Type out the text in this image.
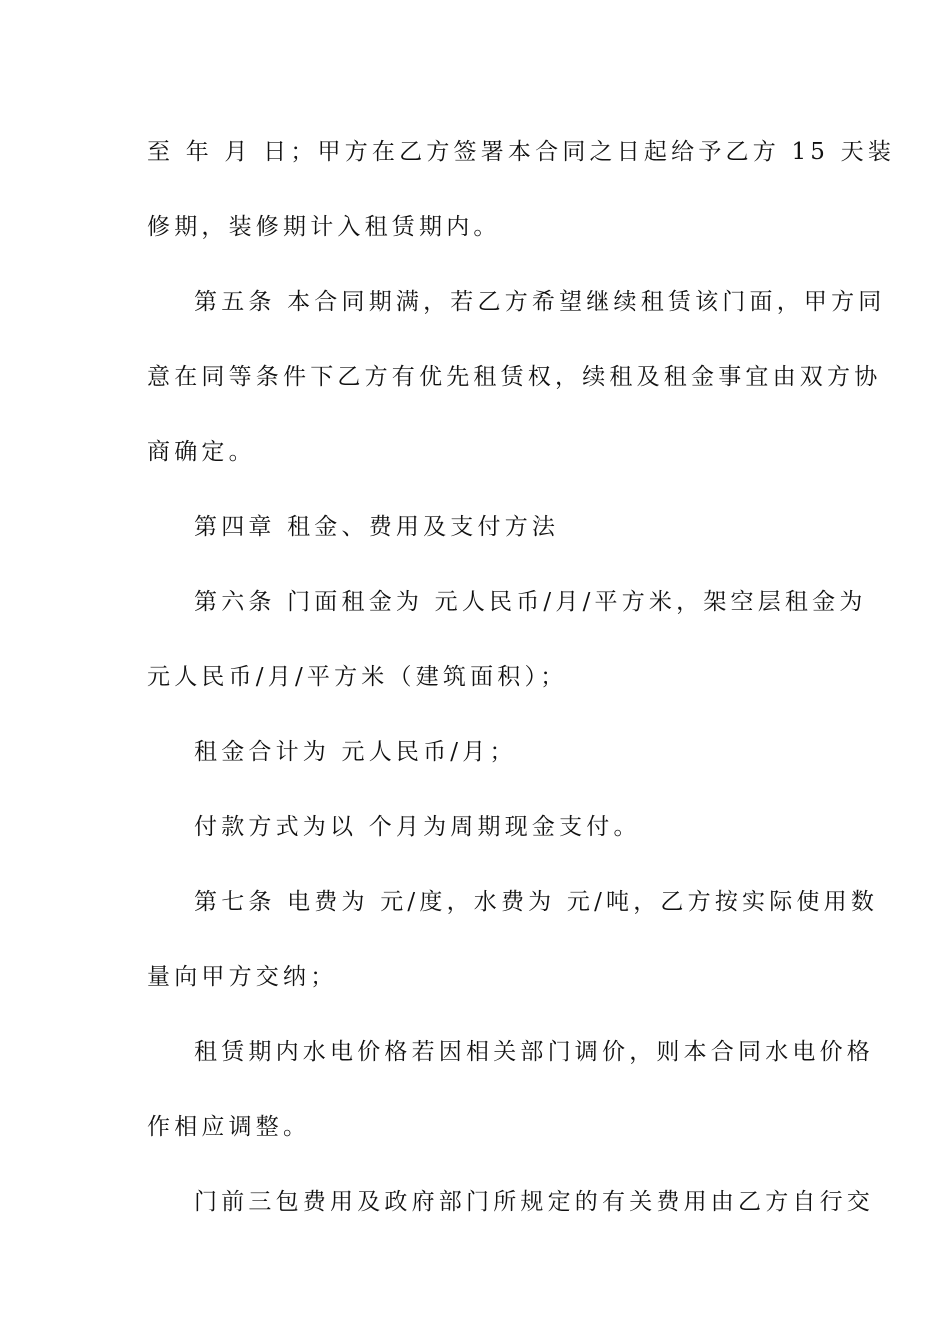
至 年 月 日；甲方在乙方签署本合同之日起给予乙方 15 天装
修期，装修期计入租赁期内。
第五条 本合同期满，若乙方希望继续租赁该门面，甲方同
意在同等条件下乙方有优先租赁权，续租及租金事宜由双方协
商确定。
第四章 租金、费用及支付方法
第六条 门面租金为 元人民币/月/平方米，架空层租金为
元人民币/月/平方米（建筑面积）；
租金合计为 元人民币/月；
付款方式为以 个月为周期现金支付。
第七条 电费为 元/度，水费为 元/吨，乙方按实际使用数
量向甲方交纳；
租赁期内水电价格若因相关部门调价，则本合同水电价格
作相应调整。
门前三包费用及政府部门所规定的有关费用由乙方自行交
